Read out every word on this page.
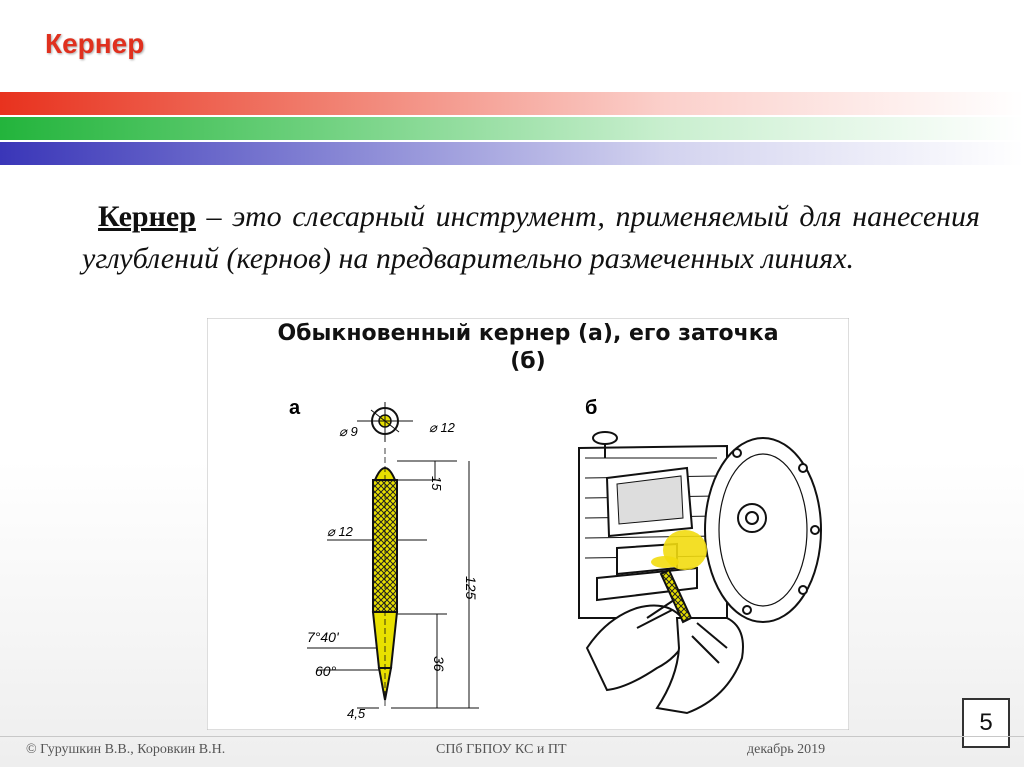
Кернер
Кернер – это слесарный инструмент, применяемый для нанесения углублений (кернов) на предварительно размеченных линиях.
а
⌀ 9	⌀ 12
15
125
36
⌀ 12
7°40'
60°
4,5
б
Обыкновенный кернер (а), его заточка
(б)
5
© Гурушкин В.В., Коровкин В.Н.	СПб ГБПОУ КС и ПТ	декабрь 2019
